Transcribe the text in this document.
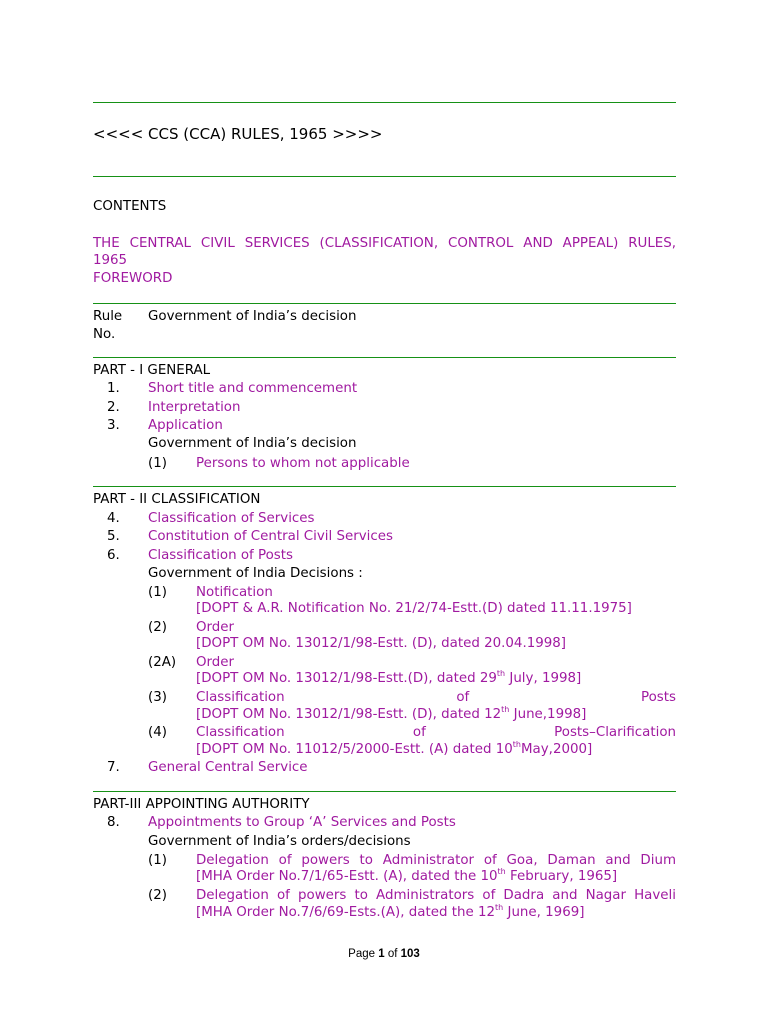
<<<< CCS (CCA) RULES, 1965 >>>>
CONTENTS
THE CENTRAL CIVIL SERVICES (CLASSIFICATION, CONTROL AND APPEAL) RULES,
1965
FOREWORD
Rule
No.
Government of India’s decision
PART - I GENERAL
1. Short title and commencement
2. Interpretation
3. Application
Government of India’s decision
(1) Persons to whom not applicable
PART - II CLASSIFICATION
4. Classification of Services
5. Constitution of Central Civil Services
6. Classification of Posts
Government of India Decisions :
(1) Notification
[DOPT & A.R. Notification No. 21/2/74-Estt.(D) dated 11.11.1975]
(2) Order
[DOPT OM No. 13012/1/98-Estt. (D), dated 20.04.1998]
(2A) Order
[DOPT OM No. 13012/1/98-Estt.(D), dated 29th July, 1998]
(3) Classification	of	Posts
[DOPT OM No. 13012/1/98-Estt. (D), dated 12th June,1998]
(4) Classification	of	Posts–Clarification
[DOPT OM No. 11012/5/2000-Estt. (A) dated 10thMay,2000]
7. General Central Service
PART-III APPOINTING AUTHORITY
8. Appointments to Group ‘A’ Services and Posts
Government of India’s orders/decisions
(1) Delegation of powers to Administrator of Goa, Daman and Dium
[MHA Order No.7/1/65-Estt. (A), dated the 10th February, 1965]
(2) Delegation of powers to Administrators of Dadra and Nagar Haveli
[MHA Order No.7/6/69-Ests.(A), dated the 12th June, 1969]
Page 1 of 103
